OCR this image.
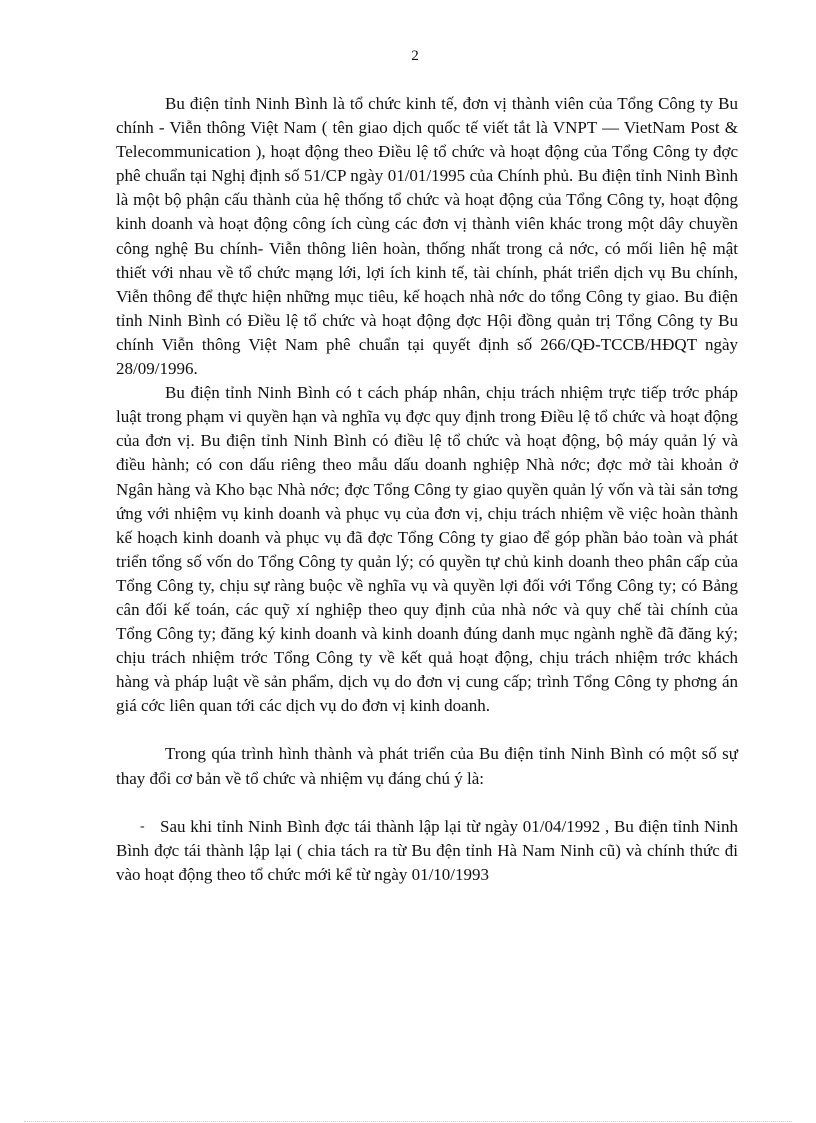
2

Bu điện tỉnh Ninh Bình là tổ chức kinh tế, đơn vị thành viên của Tổng Công ty Bu chính - Viễn thông Việt Nam ( tên giao dịch quốc tế viết tắt là VNPT — VietNam Post & Telecommunication ), hoạt động theo Điều lệ tổ chức và hoạt động của Tổng Công ty đợc phê chuẩn tại Nghị định số 51/CP ngày 01/01/1995 của Chính phủ. Bu điện tỉnh Ninh Bình là một bộ phận cấu thành của hệ thống tổ chức và hoạt động của Tổng Công ty, hoạt động kinh doanh và hoạt động công ích cùng các đơn vị thành viên khác trong một dây chuyền công nghệ Bu chính- Viễn thông liên hoàn, thống nhất trong cả nớc, có mối liên hệ mật thiết với nhau về tổ chức mạng lới, lợi ích kinh tế, tài chính, phát triển dịch vụ Bu chính, Viễn thông để thực hiện những mục tiêu, kế hoạch nhà nớc do tổng Công ty giao. Bu điện tỉnh Ninh Bình có Điều lệ tổ chức và hoạt động đợc Hội đồng quản trị Tổng Công ty Bu chính Viễn thông Việt Nam phê chuẩn tại quyết định số 266/QĐ-TCCB/HĐQT ngày 28/09/1996.

Bu điện tỉnh Ninh Bình có t cách pháp nhân, chịu trách nhiệm trực tiếp trớc pháp luật trong phạm vi quyền hạn và nghĩa vụ đợc quy định trong Điều lệ tổ chức và hoạt động của đơn vị. Bu điện tỉnh Ninh Bình có điều lệ tổ chức và hoạt động, bộ máy quản lý và điều hành; có con dấu riêng theo mẫu dấu doanh nghiệp Nhà nớc; đợc mở tài khoản ở Ngân hàng và Kho bạc Nhà nớc; đợc Tổng Công ty giao quyền quản lý vốn và tài sản tơng ứng với nhiệm vụ kinh doanh và phục vụ của đơn vị, chịu trách nhiệm về việc hoàn thành kế hoạch kinh doanh và phục vụ đã đợc Tổng Công ty giao để góp phần bảo toàn và phát triển tổng số vốn do Tổng Công ty quản lý; có quyền tự chủ kinh doanh theo phân cấp của Tổng Công ty, chịu sự ràng buộc về nghĩa vụ và quyền lợi đối với Tổng Công ty; có Bảng cân đối kế toán, các quỹ xí nghiệp theo quy định của nhà nớc và quy chế tài chính của Tổng Công ty; đăng ký kinh doanh và kinh doanh đúng danh mục ngành nghề đã đăng ký; chịu trách nhiệm trớc Tổng Công ty về kết quả hoạt động, chịu trách nhiệm trớc khách hàng và pháp luật về sản phẩm, dịch vụ do đơn vị cung cấp; trình Tổng Công ty phơng án giá cớc liên quan tới các dịch vụ do đơn vị kinh doanh.

Trong qúa trình hình thành và phát triển của Bu điện tỉnh Ninh Bình có một số sự thay đổi cơ bản về tổ chức và nhiệm vụ đáng chú ý là:

- Sau khi tỉnh Ninh Bình đợc tái thành lập lại từ ngày 01/04/1992 , Bu điện tỉnh Ninh Bình đợc tái thành lập lại ( chia tách ra từ Bu đện tỉnh Hà Nam Ninh cũ) và chính thức đi vào hoạt động theo tổ chức mới kể từ ngày 01/10/1993
